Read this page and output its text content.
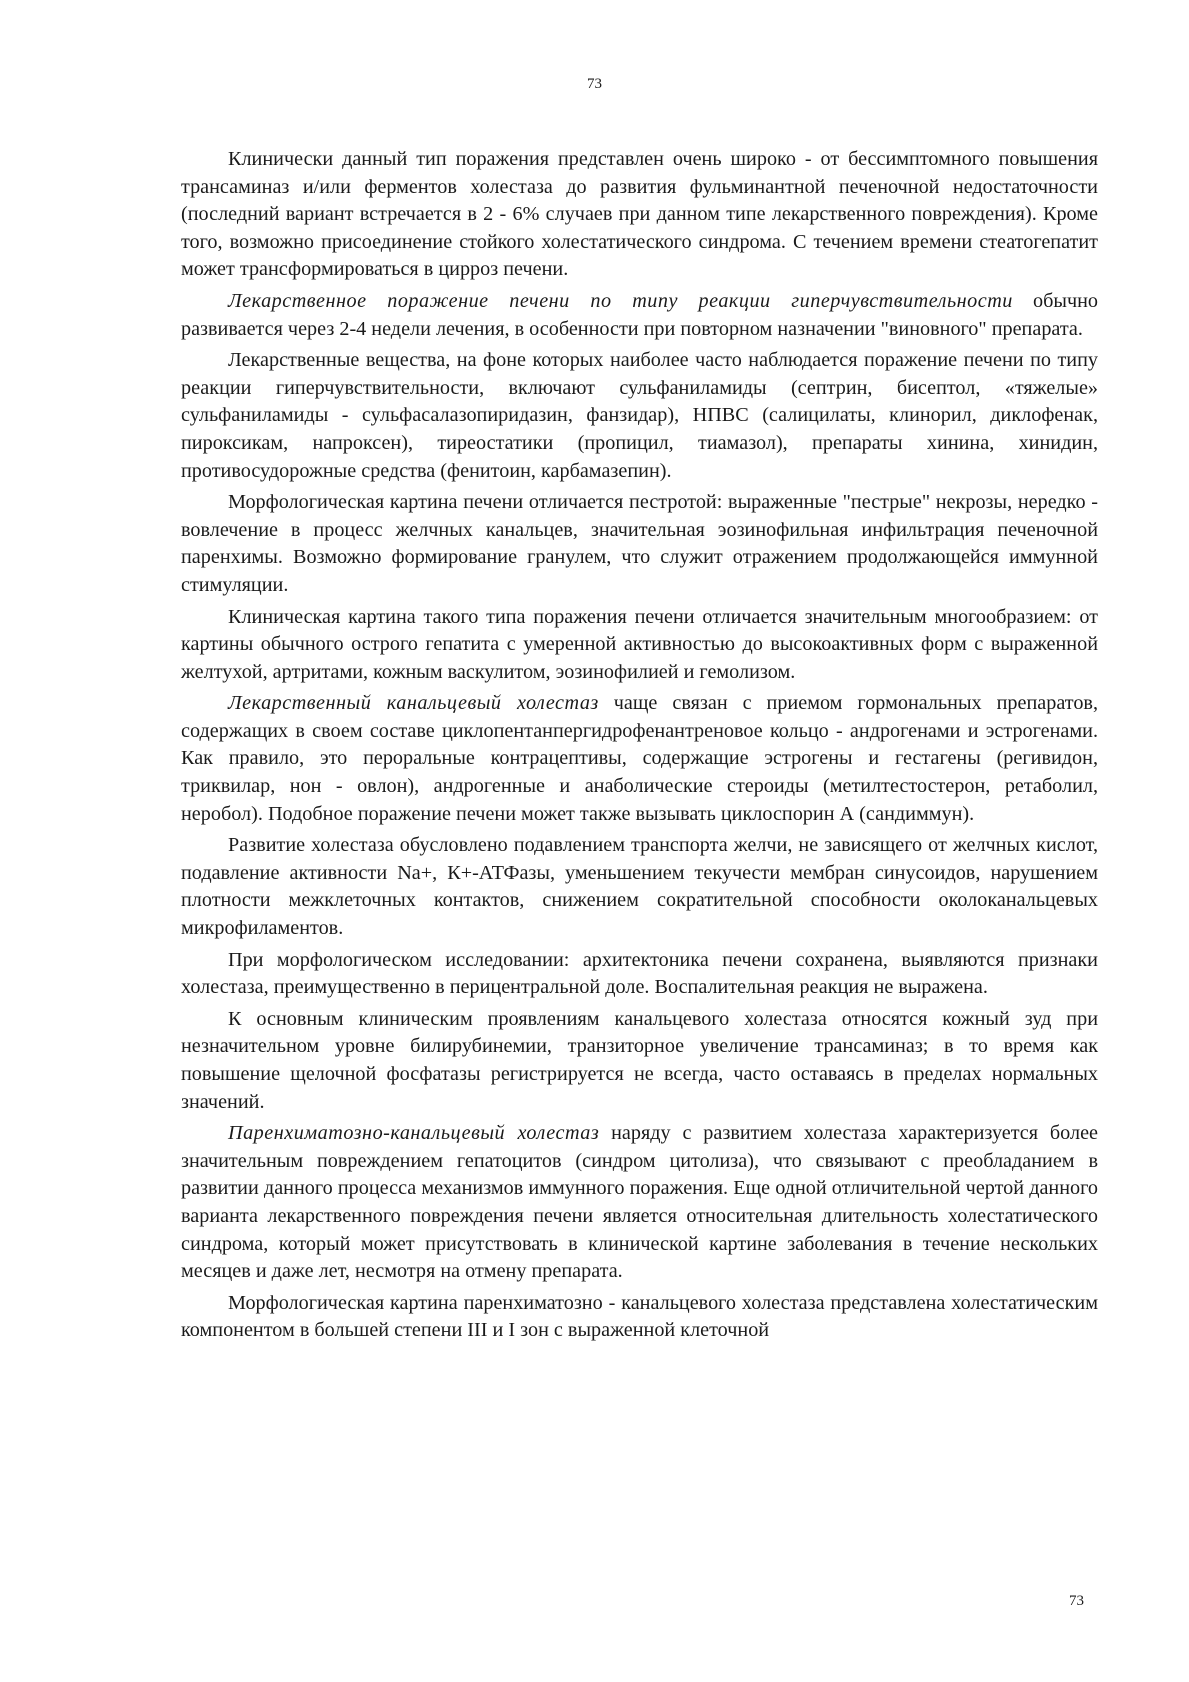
73

Клинически данный тип поражения представлен очень широко - от бессимптомного повышения трансаминаз и/или ферментов холестаза до развития фульминантной печеночной недостаточности (последний вариант встречается в 2 - 6% случаев при данном типе лекарственного повреждения). Кроме того, возможно присоединение стойкого холестатического синдрома. С течением времени стеатогепатит может трансформироваться в цирроз печени.

Лекарственное поражение печени по типу реакции гиперчувствительности обычно развивается через 2-4 недели лечения, в особенности при повторном назначении "виновного" препарата.

Лекарственные вещества, на фоне которых наиболее часто наблюдается поражение печени по типу реакции гиперчувствительности, включают сульфаниламиды (септрин, бисептол, «тяжелые» сульфаниламиды - сульфасалазопиридазин, фанзидар), НПВС (салицилаты, клинорил, диклофенак, пироксикам, напроксен), тиреостатики (пропицил, тиамазол), препараты хинина, хинидин, противосудорожные средства (фенитоин, карбамазепин).

Морфологическая картина печени отличается пестротой: выраженные "пестрые" некрозы, нередко - вовлечение в процесс желчных канальцев, значительная эозинофильная инфильтрация печеночной паренхимы. Возможно формирование гранулем, что служит отражением продолжающейся иммунной стимуляции.

Клиническая картина такого типа поражения печени отличается значительным многообразием: от картины обычного острого гепатита с умеренной активностью до высокоактивных форм с выраженной желтухой, артритами, кожным васкулитом, эозинофилией и гемолизом.

Лекарственный канальцевый холестаз чаще связан с приемом гормональных препаратов, содержащих в своем составе циклопентанпергидрофенантреновое кольцо - андрогенами и эстрогенами. Как правило, это пероральные контрацептивы, содержащие эстрогены и гестагены (регивидон, триквилар, нон - овлон), андрогенные и анаболические стероиды (метилтестостерон, ретаболил, неробол). Подобное поражение печени может также вызывать циклоспорин А (сандиммун).

Развитие холестаза обусловлено подавлением транспорта желчи, не зависящего от желчных кислот, подавление активности Na+, К+-АТФазы, уменьшением текучести мембран синусоидов, нарушением плотности межклеточных контактов, снижением сократительной способности околоканальцевых микрофиламентов.

При морфологическом исследовании: архитектоника печени сохранена, выявляются признаки холестаза, преимущественно в перицентральной доле. Воспалительная реакция не выражена.

К основным клиническим проявлениям канальцевого холестаза относятся кожный зуд при незначительном уровне билирубинемии, транзиторное увеличение трансаминаз; в то время как повышение щелочной фосфатазы регистрируется не всегда, часто оставаясь в пределах нормальных значений.

Паренхиматозно-канальцевый холестаз наряду с развитием холестаза характеризуется более значительным повреждением гепатоцитов (синдром цитолиза), что связывают с преобладанием в развитии данного процесса механизмов иммунного поражения. Еще одной отличительной чертой данного варианта лекарственного повреждения печени является относительная длительность холестатического синдрома, который может присутствовать в клинической картине заболевания в течение нескольких месяцев и даже лет, несмотря на отмену препарата.

Морфологическая картина паренхиматозно - канальцевого холестаза представлена холестатическим компонентом в большей степени III и I зон с выраженной клеточной

73
